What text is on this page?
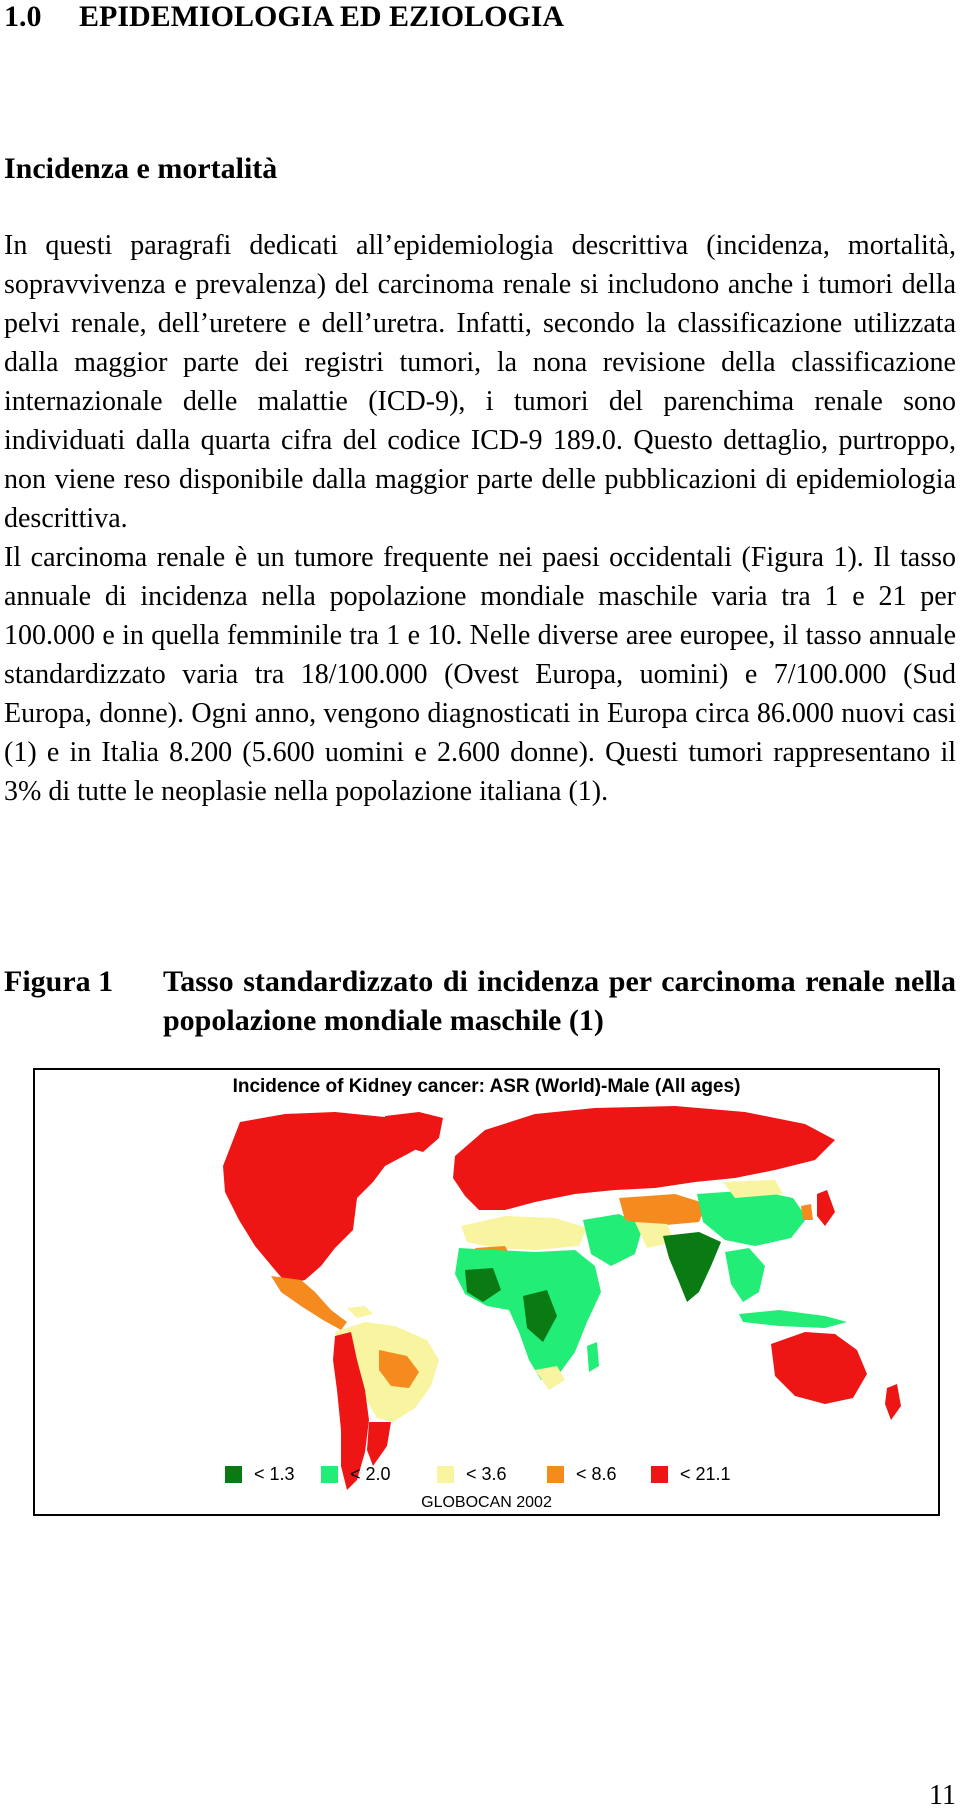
1.0 EPIDEMIOLOGIA ED EZIOLOGIA
Incidenza e mortalità

In questi paragrafi dedicati all’epidemiologia descrittiva (incidenza, mortalità, sopravvivenza e prevalenza) del carcinoma renale si includono anche i tumori della pelvi renale, dell’uretere e dell’uretra. Infatti, secondo la classificazione utilizzata dalla maggior parte dei registri tumori, la nona revisione della classificazione internazionale delle malattie (ICD-9), i tumori del parenchima renale sono individuati dalla quarta cifra del codice ICD-9 189.0. Questo dettaglio, purtroppo, non viene reso disponibile dalla maggior parte delle pubblicazioni di epidemiologia descrittiva.

Il carcinoma renale è un tumore frequente nei paesi occidentali (Figura 1). Il tasso annuale di incidenza nella popolazione mondiale maschile varia tra 1 e 21 per 100.000 e in quella femminile tra 1 e 10. Nelle diverse aree europee, il tasso annuale standardizzato varia tra 18/100.000 (Ovest Europa, uomini) e 7/100.000 (Sud Europa, donne). Ogni anno, vengono diagnosticati in Europa circa 86.000 nuovi casi (1) e in Italia 8.200 (5.600 uomini e 2.600 donne). Questi tumori rappresentano il 3% di tutte le neoplasie nella popolazione italiana (1).

Figura 1 Tasso standardizzato di incidenza per carcinoma renale nella popolazione mondiale maschile (1)
Incidence of Kidney cancer: ASR (World)-Male (All ages)
< 1.3	< 2.0	< 3.6	< 8.6	< 21.1
GLOBOCAN 2002
11
